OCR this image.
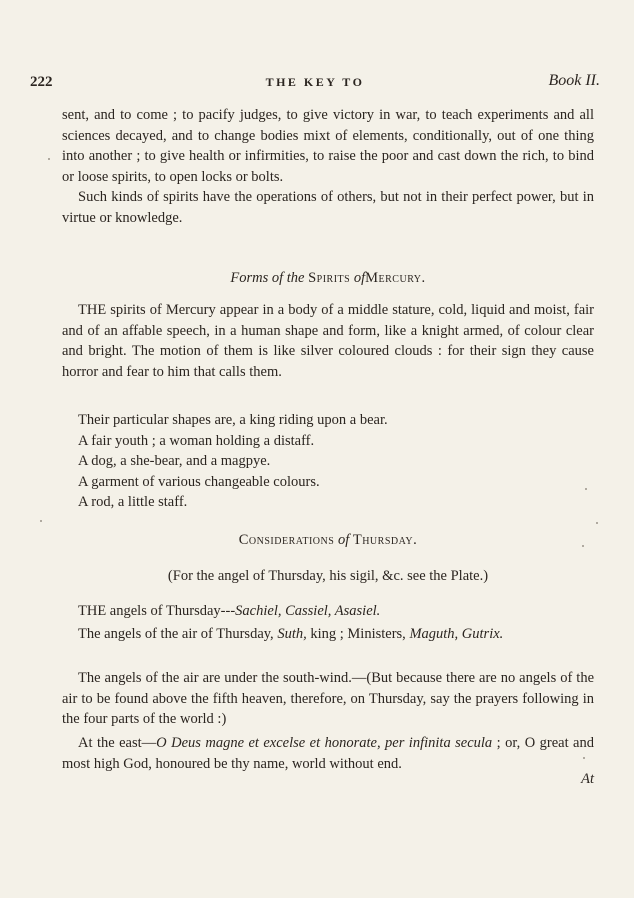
222	THE KEY TO	Book II.
sent, and to come ; to pacify judges, to give victory in war, to teach experiments and all sciences decayed, and to change bodies mixt of elements, conditionally, out of one thing into another ; to give health or infirmities, to raise the poor and cast down the rich, to bind or loose spirits, to open locks or bolts.
Such kinds of spirits have the operations of others, but not in their perfect power, but in virtue or knowledge.
Forms of the Spirits ofMercury.
THE spirits of Mercury appear in a body of a middle stature, cold, liquid and moist, fair and of an affable speech, in a human shape and form, like a knight armed, of colour clear and bright. The motion of them is like silver coloured clouds : for their sign they cause horror and fear to him that calls them.
Their particular shapes are, a king riding upon a bear.
A fair youth ; a woman holding a distaff.
A dog, a she-bear, and a magpye.
A garment of various changeable colours.
A rod, a little staff.
Considerations of Thursday.
(For the angel of Thursday, his sigil, &c. see the Plate.)
THE angels of Thursday---Sachiel, Cassiel, Asasiel.
The angels of the air of Thursday, Suth, king ; Ministers, Maguth, Gutrix.
The angels of the air are under the south-wind.—(But because there are no angels of the air to be found above the fifth heaven, therefore, on Thursday, say the prayers following in the four parts of the world :)
At the east—O Deus magne et excelse et honorate, per infinita secula ; or, O great and most high God, honoured be thy name, world without end.
At
